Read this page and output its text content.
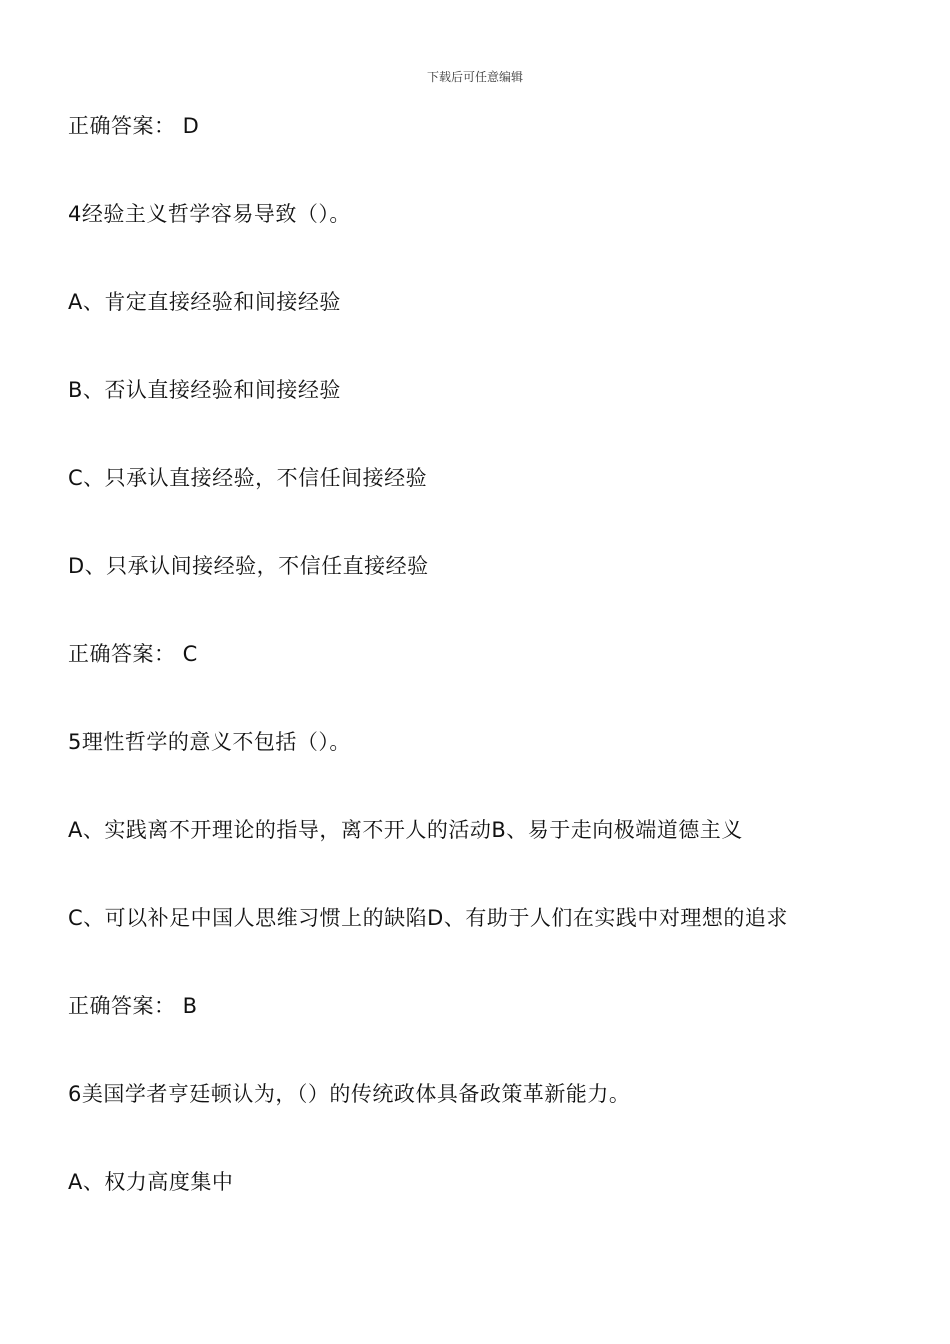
下载后可任意编辑
正确答案： D
4经验主义哲学容易导致（）。
A、肯定直接经验和间接经验
B、否认直接经验和间接经验
C、只承认直接经验，不信任间接经验
D、只承认间接经验，不信任直接经验
正确答案： C
5理性哲学的意义不包括（）。
A、实践离不开理论的指导，离不开人的活动B、易于走向极端道德主义
C、可以补足中国人思维习惯上的缺陷D、有助于人们在实践中对理想的追求
正确答案： B
6美国学者亨廷顿认为，（）的传统政体具备政策革新能力。
A、权力高度集中
